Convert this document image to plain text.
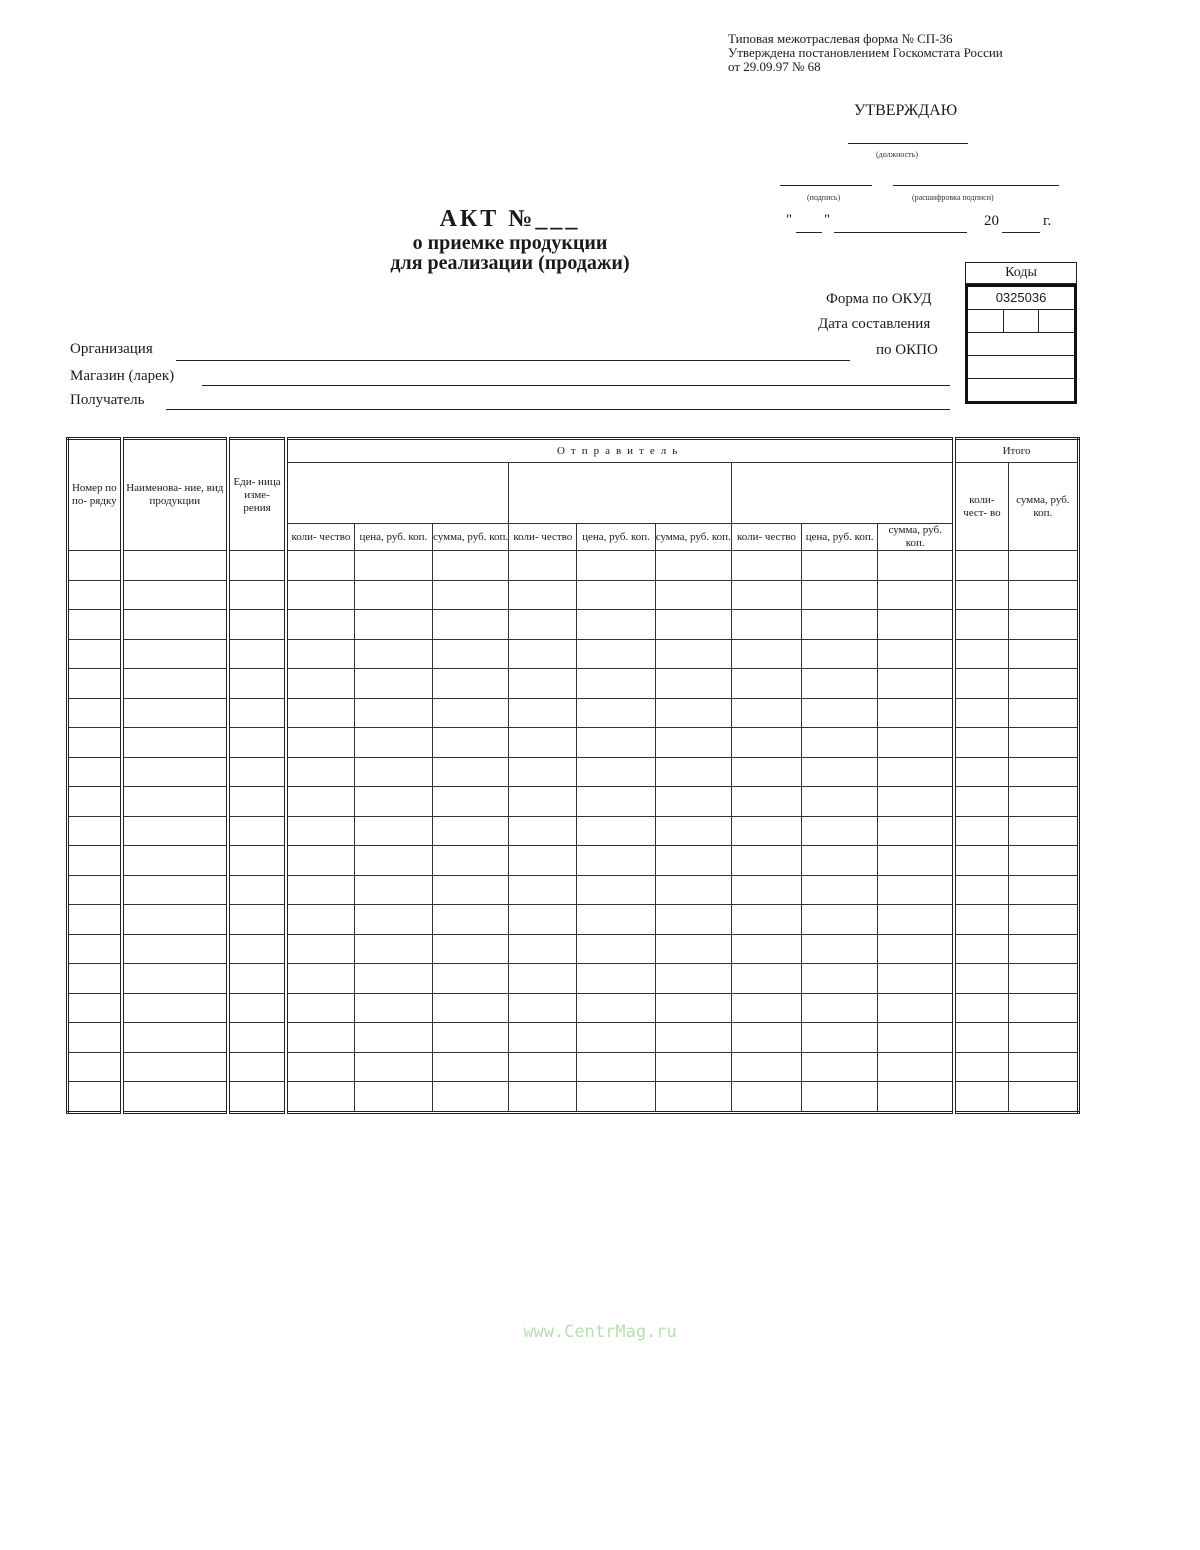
Типовая межотраслевая форма № СП-36
Утверждена постановлением Госкомстата России
от 29.09.97 № 68
УТВЕРЖДАЮ
(должность)
(подпись)	(расшифровка подписи)
" "	20	г.
АКТ №___
о приемке продукции
для реализации (продажи)
Форма по ОКУД
Дата составления
по ОКПО
Коды
0325036
Организация
Магазин (ларек)
Получатель
Номер по по- рядку	Наименова- ние, вид продукции	Еди- ница изме- рения	Отправитель									Итого	
												коли- чест- во	сумма, руб. коп.
			коли- чество	цена, руб. коп.	сумма, руб. коп.	коли- чество	цена, руб. коп.	сумма, руб. коп.	коли- чество	цена, руб. коп.	сумма, руб. коп.		

www.CentrMag.ru
